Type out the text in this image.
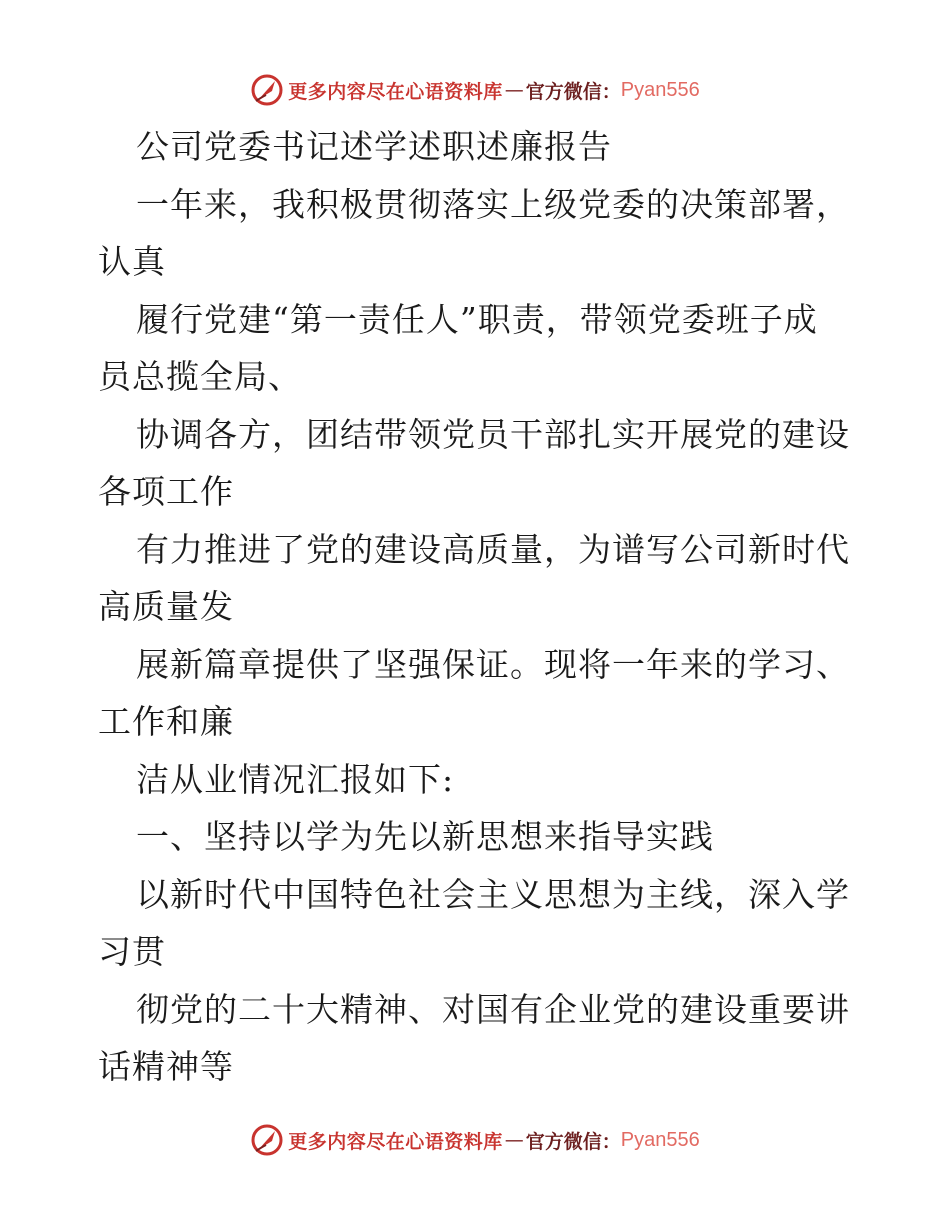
更多内容尽在心语资料库 — 官方微信： Pyan556
公司党委书记述学述职述廉报告
一年来，我积极贯彻落实上级党委的决策部署，
认真
履行党建“第一责任人”职责，带领党委班子成
员总揽全局、
协调各方，团结带领党员干部扎实开展党的建设
各项工作
有力推进了党的建设高质量，为谱写公司新时代
高质量发
展新篇章提供了坚强保证。现将一年来的学习、
工作和廉
洁从业情况汇报如下:
一、坚持以学为先以新思想来指导实践
以新时代中国特色社会主义思想为主线，深入学
习贯
彻党的二十大精神、对国有企业党的建设重要讲
话精神等
更多内容尽在心语资料库 — 官方微信： Pyan556
